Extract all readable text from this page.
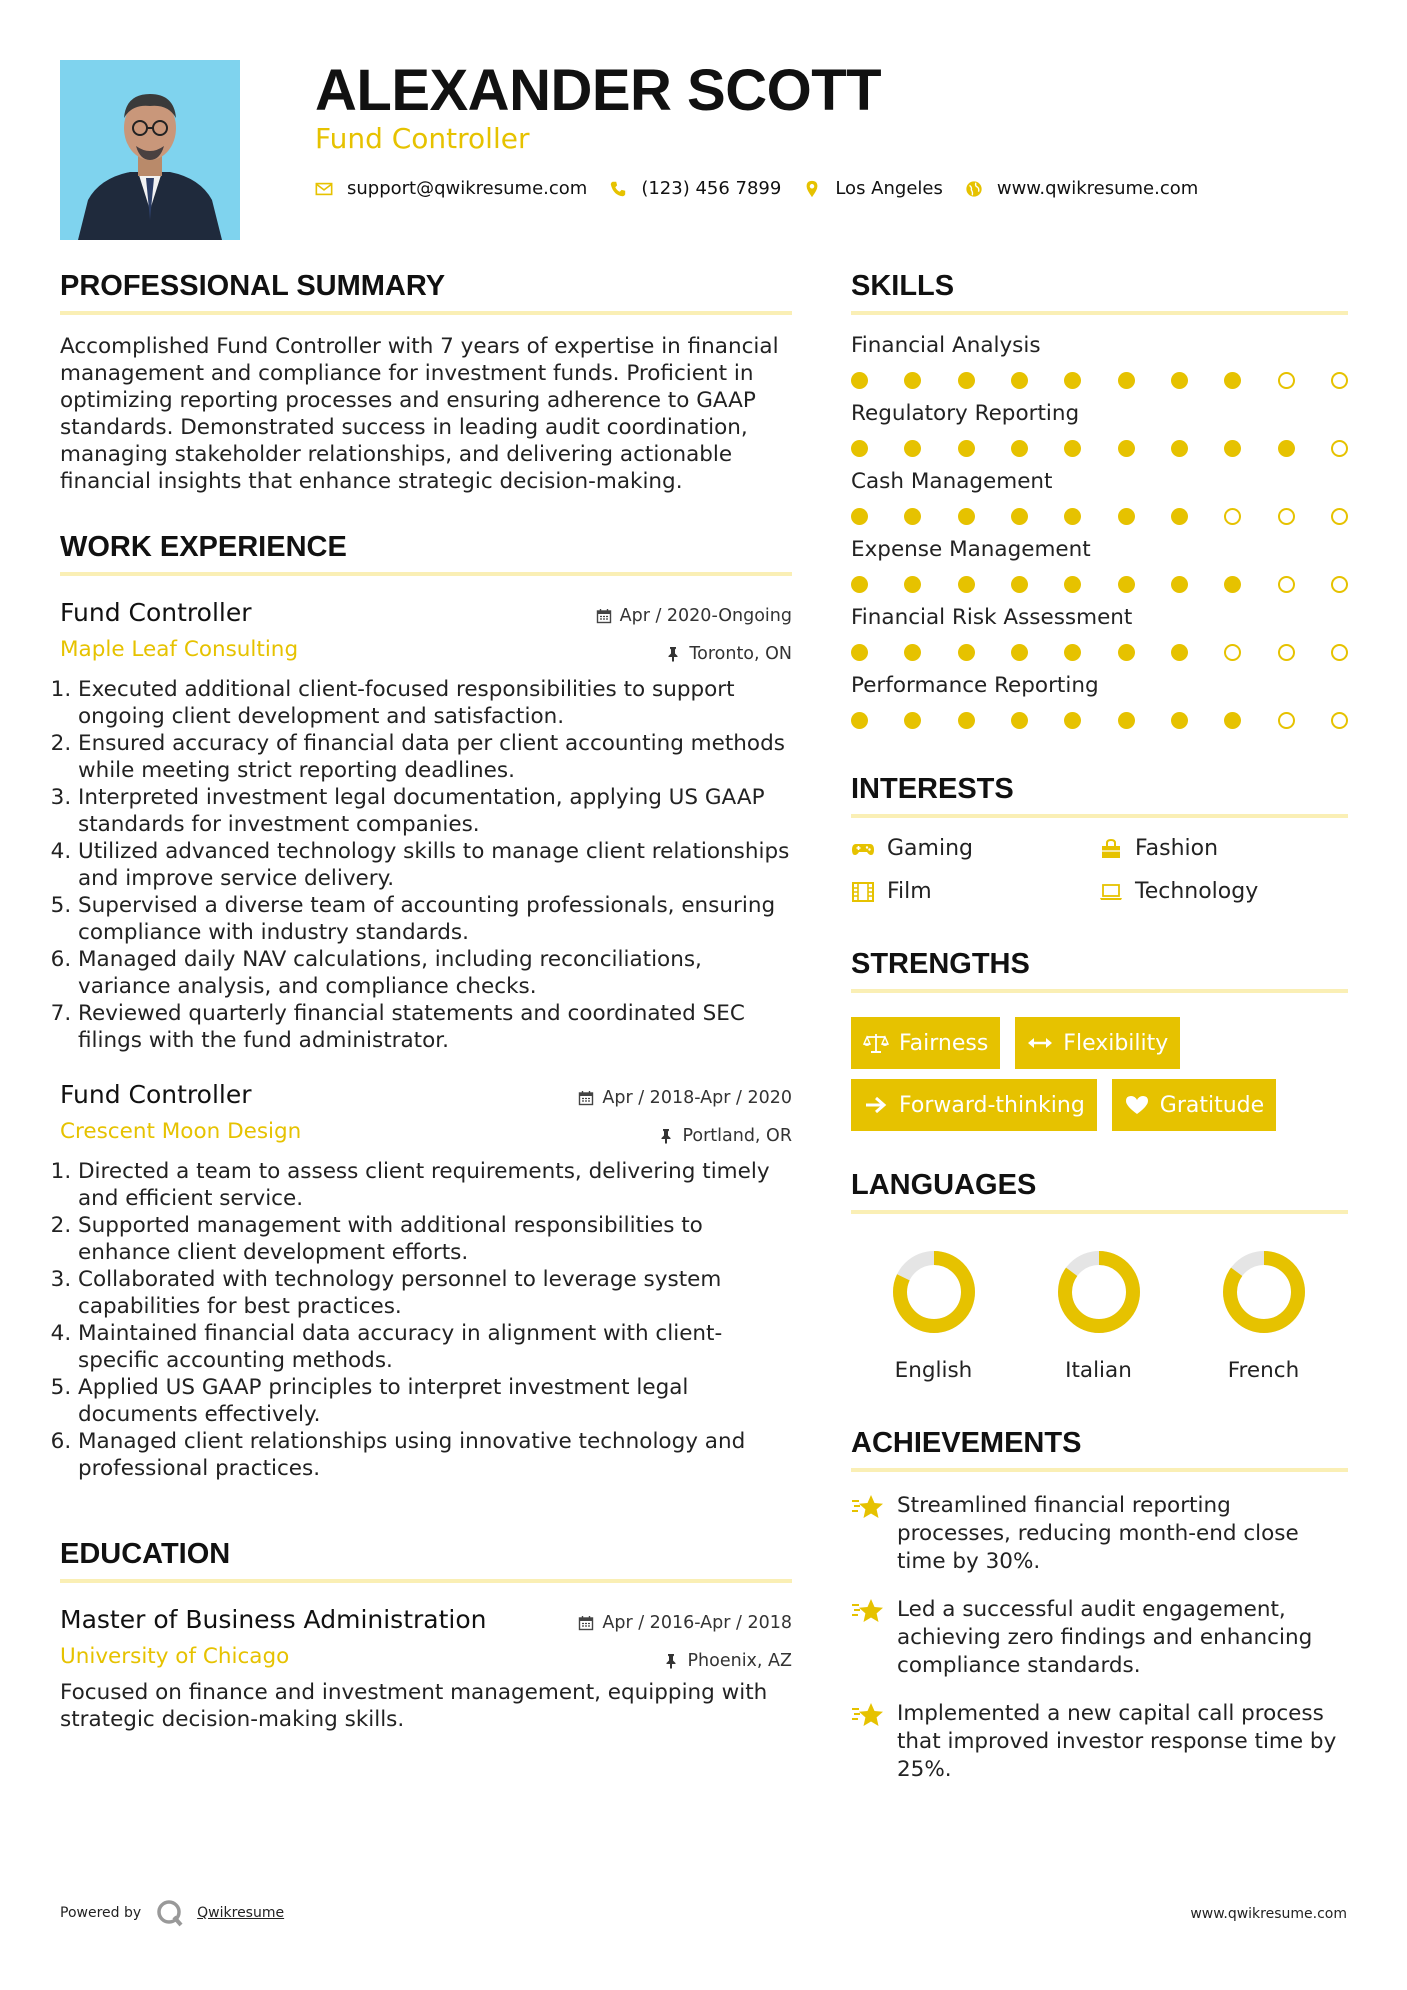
ALEXANDER SCOTT
Fund Controller
support@qwikresume.com	(123) 456 7899	Los Angeles	www.qwikresume.com
PROFESSIONAL SUMMARY

Accomplished Fund Controller with 7 years of expertise in financial management and compliance for investment funds. Proficient in optimizing reporting processes and ensuring adherence to GAAP standards. Demonstrated success in leading audit coordination, managing stakeholder relationships, and delivering actionable financial insights that enhance strategic decision-making.

WORK EXPERIENCE
Fund Controller
Maple Leaf Consulting
Apr / 2020-Ongoing
Toronto, ON
1. Executed additional client-focused responsibilities to support ongoing client development and satisfaction.
2. Ensured accuracy of financial data per client accounting methods while meeting strict reporting deadlines.
3. Interpreted investment legal documentation, applying US GAAP standards for investment companies.
4. Utilized advanced technology skills to manage client relationships and improve service delivery.
5. Supervised a diverse team of accounting professionals, ensuring compliance with industry standards.
6. Managed daily NAV calculations, including reconciliations, variance analysis, and compliance checks.
7. Reviewed quarterly financial statements and coordinated SEC filings with the fund administrator.
Fund Controller
Crescent Moon Design
Apr / 2018-Apr / 2020
Portland, OR
1. Directed a team to assess client requirements, delivering timely and efficient service.
2. Supported management with additional responsibilities to enhance client development efforts.
3. Collaborated with technology personnel to leverage system capabilities for best practices.
4. Maintained financial data accuracy in alignment with client-specific accounting methods.
5. Applied US GAAP principles to interpret investment legal documents effectively.
6. Managed client relationships using innovative technology and professional practices.
EDUCATION
Master of Business Administration
University of Chicago
Apr / 2016-Apr / 2018
Phoenix, AZ

Focused on finance and investment management, equipping with strategic decision-making skills.

SKILLS
Financial Analysis
Regulatory Reporting
Cash Management
Expense Management
Financial Risk Assessment
Performance Reporting
INTERESTS
Gaming	Fashion
Film	Technology
STRENGTHS
Fairness	Flexibility
Forward-thinking	Gratitude
LANGUAGES
English	Italian	French
ACHIEVEMENTS
Streamlined financial reporting processes, reducing month-end close time by 30%.
Led a successful audit engagement, achieving zero findings and enhancing compliance standards.
Implemented a new capital call process that improved investor response time by 25%.
Powered by	Qwikresume	www.qwikresume.com
